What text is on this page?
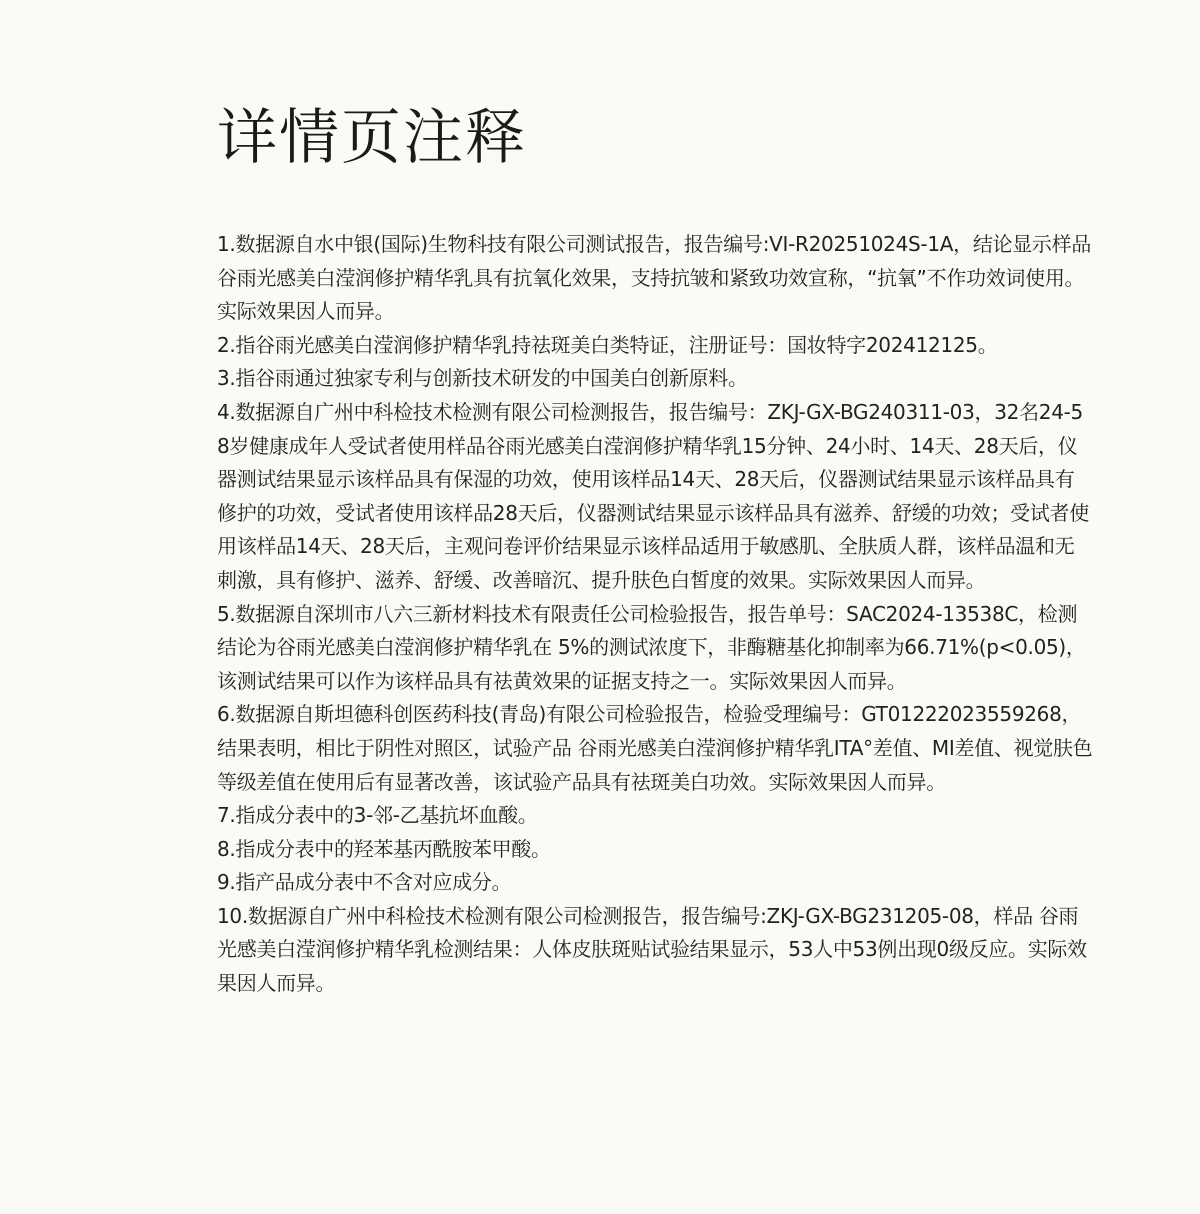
详情页注释
1.数据源自水中银(国际)生物科技有限公司测试报告，报告编号:VI-R20251024S-1A，结论显示样品谷雨光感美白滢润修护精华乳具有抗氧化效果，支持抗皱和紧致功效宣称，“抗氧”不作功效词使用。实际效果因人而异。
2.指谷雨光感美白滢润修护精华乳持祛斑美白类特证，注册证号：国妆特字202412125。
3.指谷雨通过独家专利与创新技术研发的中国美白创新原料。
4.数据源自广州中科检技术检测有限公司检测报告，报告编号：ZKJ-GX-BG240311-03，32名24-58岁健康成年人受试者使用样品谷雨光感美白滢润修护精华乳15分钟、24小时、14天、28天后，仪器测试结果显示该样品具有保湿的功效，使用该样品14天、28天后，仪器测试结果显示该样品具有修护的功效，受试者使用该样品28天后，仪器测试结果显示该样品具有滋养、舒缓的功效；受试者使用该样品14天、28天后，主观问卷评价结果显示该样品适用于敏感肌、全肤质人群，该样品温和无刺激，具有修护、滋养、舒缓、改善暗沉、提升肤色白皙度的效果。实际效果因人而异。
5.数据源自深圳市八六三新材料技术有限责任公司检验报告，报告单号：SAC2024-13538C，检测结论为谷雨光感美白滢润修护精华乳在 5%的测试浓度下，非酶糖基化抑制率为66.71%(p<0.05)，该测试结果可以作为该样品具有祛黄效果的证据支持之一。实际效果因人而异。
6.数据源自斯坦德科创医药科技(青岛)有限公司检验报告，检验受理编号：GT01222023559268，结果表明，相比于阴性对照区，试验产品 谷雨光感美白滢润修护精华乳ITA°差值、MI差值、视觉肤色等级差值在使用后有显著改善，该试验产品具有祛斑美白功效。实际效果因人而异。
7.指成分表中的3-邻-乙基抗坏血酸。
8.指成分表中的羟苯基丙酰胺苯甲酸。
9.指产品成分表中不含对应成分。
10.数据源自广州中科检技术检测有限公司检测报告，报告编号:ZKJ-GX-BG231205-08，样品 谷雨光感美白滢润修护精华乳检测结果：人体皮肤斑贴试验结果显示，53人中53例出现0级反应。实际效果因人而异。
